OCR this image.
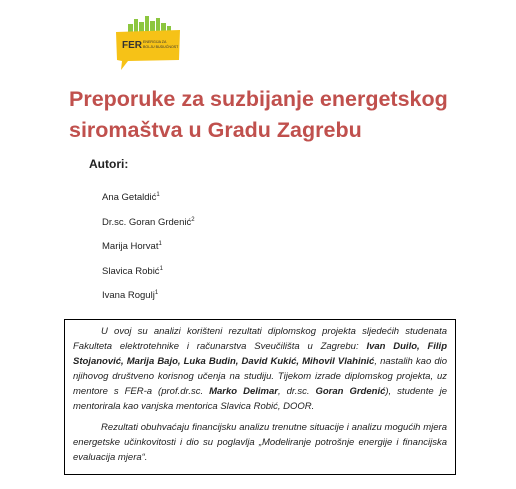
FER ENERGIJA ZA
BOLJU BUDUĆNOST
Preporuke za suzbijanje energetskog
siromaštva u Gradu Zagrebu
Autori:
Ana Getaldić$^1$
Dr.sc. Goran Grdenić$^2$
Marija Horvat$^1$
Slavica Robić$^1$
Ivana Rogulj$^1$

U ovoj su analizi korišteni rezultati diplomskog projekta sljedećih studenata Fakulteta elektrotehnike i računarstva Sveučilišta u Zagrebu: Ivan Duilo, Filip Stojanović, Marija Bajo, Luka Budin, David Kukić, Mihovil Vlahinić, nastalih kao dio njihovog društveno korisnog učenja na studiju. Tijekom izrade diplomskog projekta, uz mentore s FER-a (prof.dr.sc. Marko Delimar, dr.sc. Goran Grdenić), studente je mentorirala kao vanjska mentorica Slavica Robić, DOOR.

Rezultati obuhvaćaju financijsku analizu trenutne situacije i analizu mogućih mjera energetske učinkovitosti i dio su poglavlja „Modeliranje potrošnje energije i financijska evaluacija mjera“.
